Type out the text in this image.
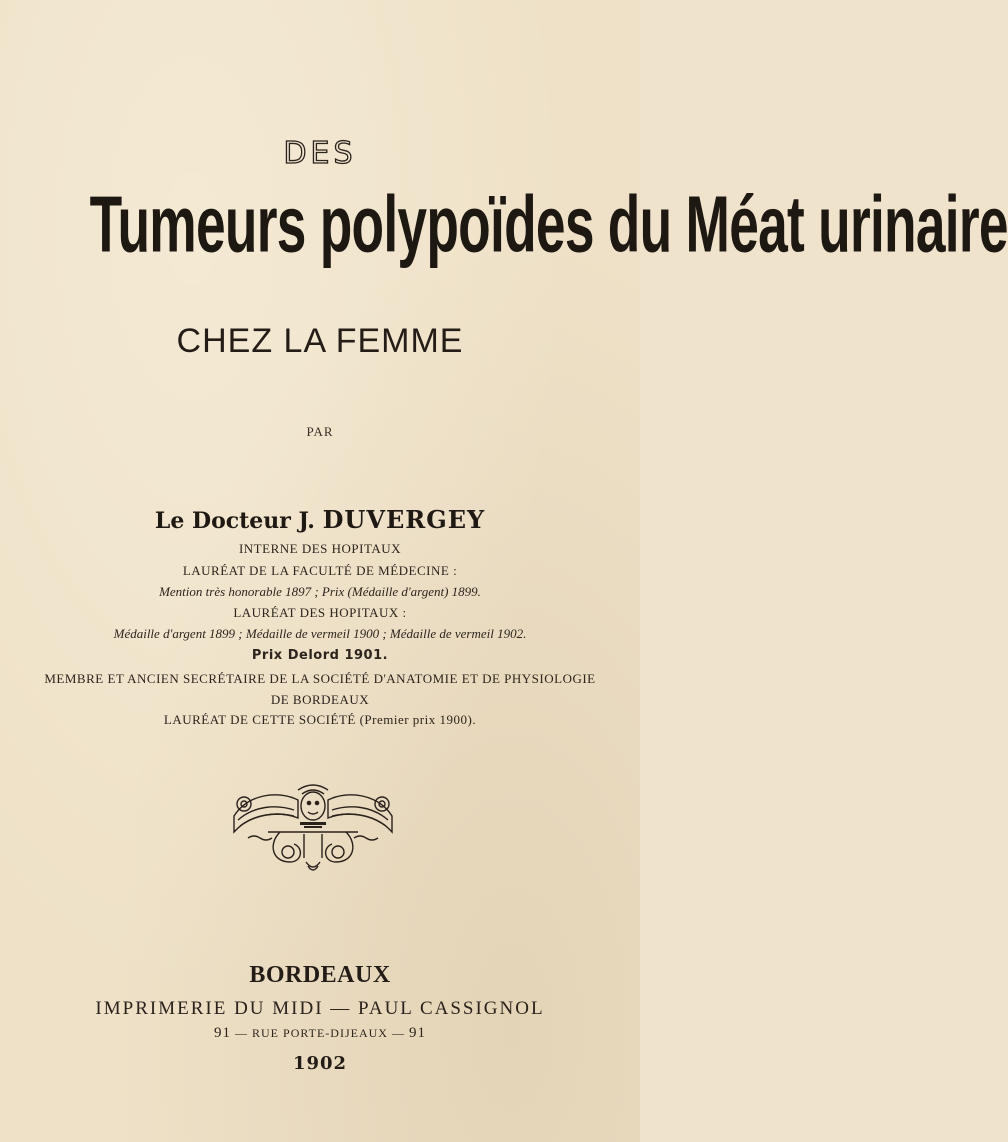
DES
Tumeurs polypoïdes du Méat urinaire
CHEZ LA FEMME
PAR
Le Docteur J. DUVERGEY
INTERNE DES HOPITAUX
LAURÉAT DE LA FACULTÉ DE MÉDECINE :
Mention très honorable 1897 ; Prix (Médaille d'argent) 1899.
LAURÉAT DES HOPITAUX :
Médaille d'argent 1899 ; Médaille de vermeil 1900 ; Médaille de vermeil 1902.
Prix Delord 1901.
MEMBRE ET ANCIEN SECRÉTAIRE DE LA SOCIÉTÉ D'ANATOMIE ET DE PHYSIOLOGIE
DE BORDEAUX
LAURÉAT DE CETTE SOCIÉTÉ (Premier prix 1900).
BORDEAUX
IMPRIMERIE DU MIDI — PAUL CASSIGNOL
91 — RUE PORTE-DIJEAUX — 91
1902
